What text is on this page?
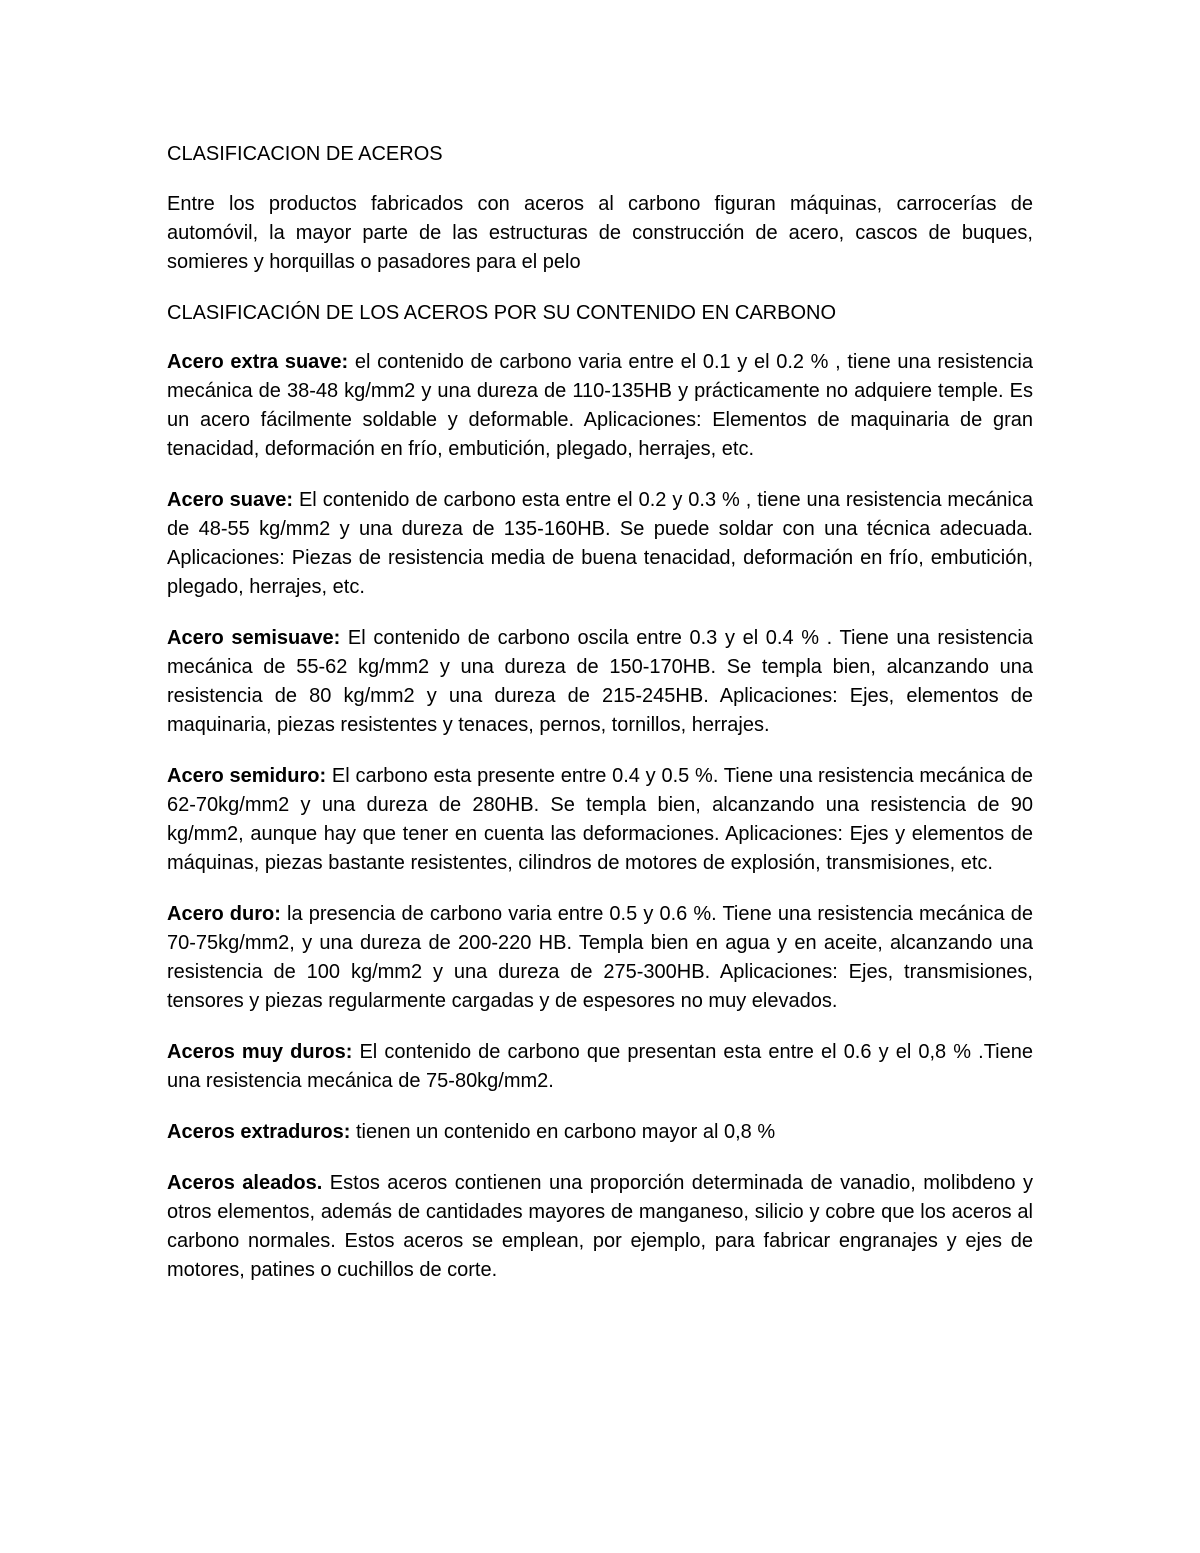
CLASIFICACION DE ACEROS

Entre los productos fabricados con aceros al carbono figuran máquinas, carrocerías de automóvil, la mayor parte de las estructuras de construcción de acero, cascos de buques, somieres y horquillas o pasadores para el pelo

CLASIFICACIÓN DE LOS ACEROS POR SU CONTENIDO EN CARBONO

Acero extra suave: el contenido de carbono varia entre el 0.1 y el 0.2 % , tiene una resistencia mecánica de 38-48 kg/mm2 y una dureza de 110-135HB y prácticamente no adquiere temple. Es un acero fácilmente soldable y deformable. Aplicaciones: Elementos de maquinaria de gran tenacidad, deformación en frío, embutición, plegado, herrajes, etc.

Acero suave: El contenido de carbono esta entre el 0.2 y 0.3 % , tiene una resistencia mecánica de 48-55 kg/mm2 y una dureza de 135-160HB. Se puede soldar con una técnica adecuada. Aplicaciones: Piezas de resistencia media de buena tenacidad, deformación en frío, embutición, plegado, herrajes, etc.

Acero semisuave: El contenido de carbono oscila entre 0.3 y el 0.4 % . Tiene una resistencia mecánica de 55-62 kg/mm2 y una dureza de 150-170HB. Se templa bien, alcanzando una resistencia de 80 kg/mm2 y una dureza de 215-245HB. Aplicaciones: Ejes, elementos de maquinaria, piezas resistentes y tenaces, pernos, tornillos, herrajes.

Acero semiduro: El carbono esta presente entre 0.4 y 0.5 %. Tiene una resistencia mecánica de 62-70kg/mm2 y una dureza de 280HB. Se templa bien, alcanzando una resistencia de 90 kg/mm2, aunque hay que tener en cuenta las deformaciones. Aplicaciones: Ejes y elementos de máquinas, piezas bastante resistentes, cilindros de motores de explosión, transmisiones, etc.

Acero duro: la presencia de carbono varia entre 0.5 y 0.6 %. Tiene una resistencia mecánica de 70-75kg/mm2, y una dureza de 200-220 HB. Templa bien en agua y en aceite, alcanzando una resistencia de 100 kg/mm2 y una dureza de 275-300HB. Aplicaciones: Ejes, transmisiones, tensores y piezas regularmente cargadas y de espesores no muy elevados.

Aceros muy duros: El contenido de carbono que presentan esta entre el 0.6 y el 0,8 % .Tiene una resistencia mecánica de 75-80kg/mm2.

Aceros extraduros: tienen un contenido en carbono mayor al 0,8 %

Aceros aleados. Estos aceros contienen una proporción determinada de vanadio, molibdeno y otros elementos, además de cantidades mayores de manganeso, silicio y cobre que los aceros al carbono normales. Estos aceros se emplean, por ejemplo, para fabricar engranajes y ejes de motores, patines o cuchillos de corte.
